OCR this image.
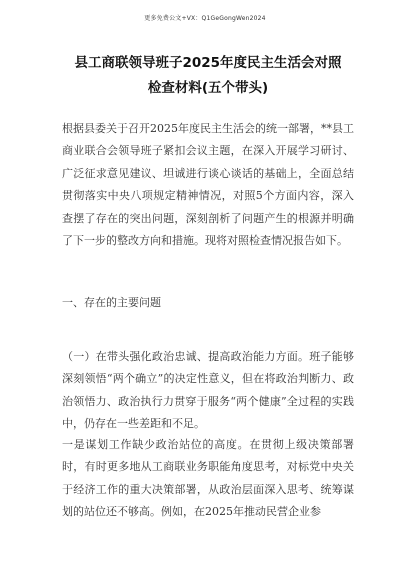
更多免费公文+VX：Q1GeGongWen2024
县工商联领导班子2025年度民主生活会对照检查材料(五个带头)
根据县委关于召开2025年度民主生活会的统一部署，**县工商业联合会领导班子紧扣会议主题，在深入开展学习研讨、广泛征求意见建议、坦诚进行谈心谈话的基础上，全面总结贯彻落实中央八项规定精神情况，对照5个方面内容，深入查摆了存在的突出问题，深刻剖析了问题产生的根源并明确了下一步的整改方向和措施。现将对照检查情况报告如下。
一、存在的主要问题
（一）在带头强化政治忠诚、提高政治能力方面。班子能够深刻领悟“两个确立”的决定性意义，但在将政治判断力、政治领悟力、政治执行力贯穿于服务“两个健康”全过程的实践中，仍存在一些差距和不足。
一是谋划工作缺少政治站位的高度。在贯彻上级决策部署时，有时更多地从工商联业务职能角度思考，对标党中央关于经济工作的重大决策部署，从政治层面深入思考、统筹谋划的站位还不够高。例如，在2025年推动民营企业参
